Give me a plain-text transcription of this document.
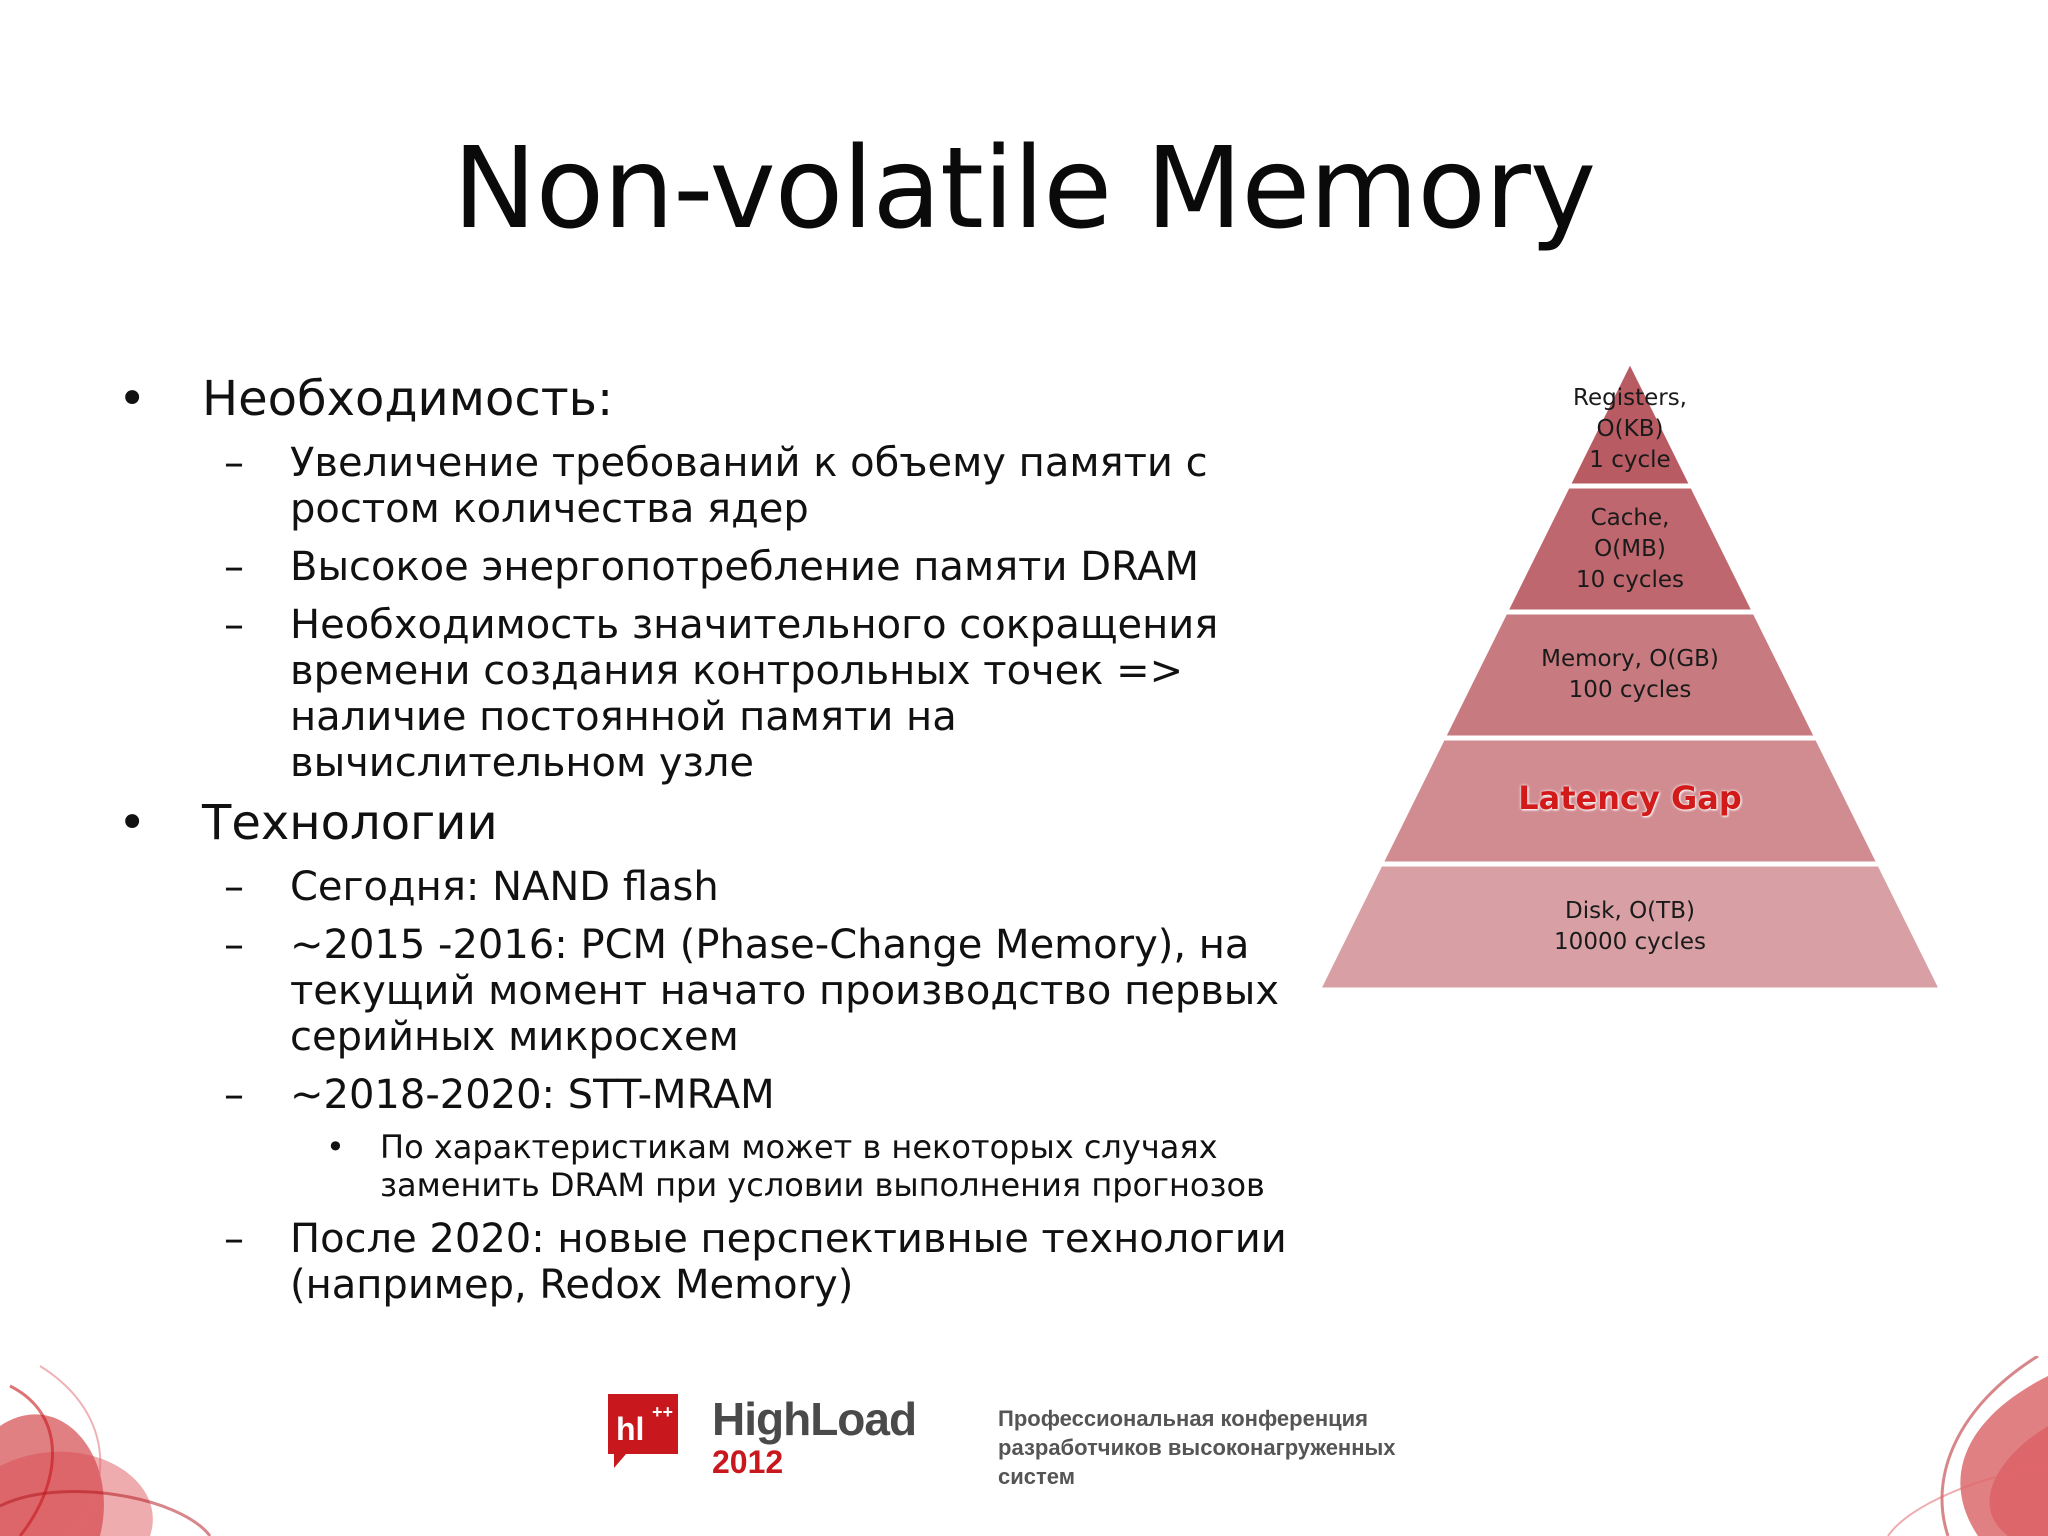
Non-volatile Memory
• Необходимость:
– Увеличение требований к объему памяти с ростом количества ядер
– Высокое энергопотребление памяти DRAM
– Необходимость значительного сокращения времени создания контрольных точек => наличие постоянной памяти на вычислительном узле
• Технологии
– Сегодня: NAND flash
– ~2015 -2016: PCM (Phase-Change Memory), на текущий момент начато производство первых серийных микросхем
– ~2018-2020: STT-MRAM
• По характеристикам может в некоторых случаях заменить DRAM при условии выполнения прогнозов
– После 2020: новые перспективные технологии (например, Redox Memory)
Registers,
O(KB)
1 cycle
Cache,
O(MB)
10 cycles
Memory, O(GB)
100 cycles
Disk, O(TB)
10000 cycles
Latency Gap
hl ++ HighLoad
2012
Профессиональная конференция
разработчиков высоконагруженных
систем
